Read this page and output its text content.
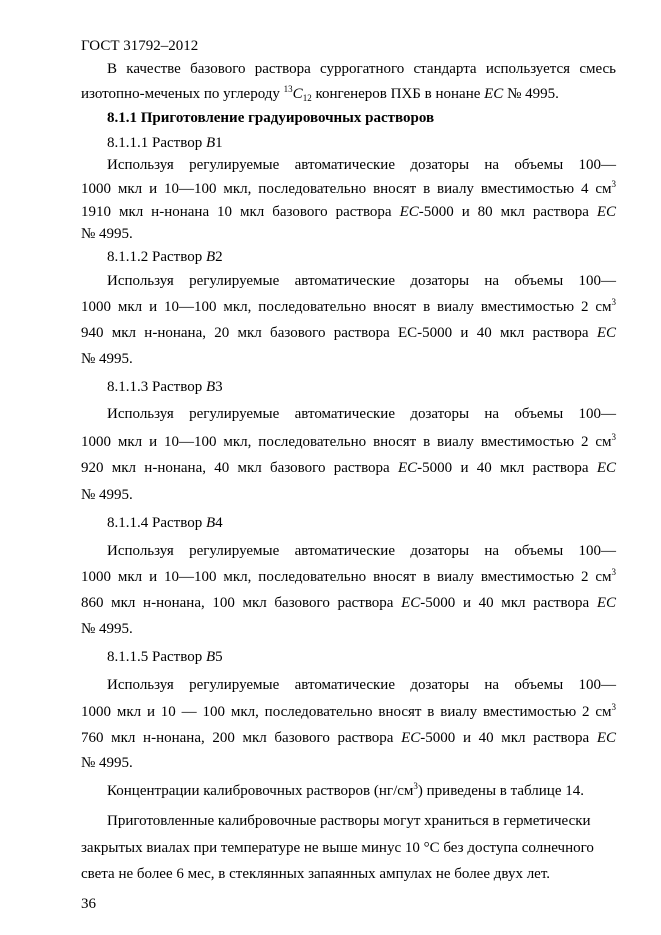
ГОСТ 31792–2012
В качестве базового раствора суррогатного стандарта используется смесь
изотопно-меченых по углероду $^{13}C_{12}$ конгенеров ПХБ в нонане ЕС № 4995.
8.1.1 Приготовление градуировочных растворов
8.1.1.1 Раствор В1
Используя регулируемые автоматические дозаторы на объемы 100—
1000 мкл и 10—100 мкл, последовательно вносят в виалу вместимостью 4 $см^3$
1910 мкл н-нонана 10 мкл базового раствора ЕС-5000 и 80 мкл раствора ЕС
№ 4995.
8.1.1.2 Раствор В2
Используя регулируемые автоматические дозаторы на объемы 100—
1000 мкл и 10—100 мкл, последовательно вносят в виалу вместимостью 2 $см^3$
940 мкл н-нонана, 20 мкл базового раствора ЕС-5000 и 40 мкл раствора ЕС
№ 4995.
8.1.1.3 Раствор В3
Используя регулируемые автоматические дозаторы на объемы 100—
1000 мкл и 10—100 мкл, последовательно вносят в виалу вместимостью 2 $см^3$
920 мкл н-нонана, 40 мкл базового раствора ЕС-5000 и 40 мкл раствора ЕС
№ 4995.
8.1.1.4 Раствор В4
Используя регулируемые автоматические дозаторы на объемы 100—
1000 мкл и 10—100 мкл, последовательно вносят в виалу вместимостью 2 $см^3$
860 мкл н-нонана, 100 мкл базового раствора ЕС-5000 и 40 мкл раствора ЕС
№ 4995.
8.1.1.5 Раствор В5
Используя регулируемые автоматические дозаторы на объемы 100—
1000 мкл и 10 — 100 мкл, последовательно вносят в виалу вместимостью 2 $см^3$
760 мкл н-нонана, 200 мкл базового раствора ЕС-5000 и 40 мкл раствора ЕС
№ 4995.
Концентрации калибровочных растворов $(нг/см^3)$ приведены в таблице 14.
Приготовленные калибровочные растворы могут храниться в герметически
закрытых виалах при температуре не выше минус 10 °С без доступа солнечного
света не более 6 мес, в стеклянных запаянных ампулах не более двух лет.
36
